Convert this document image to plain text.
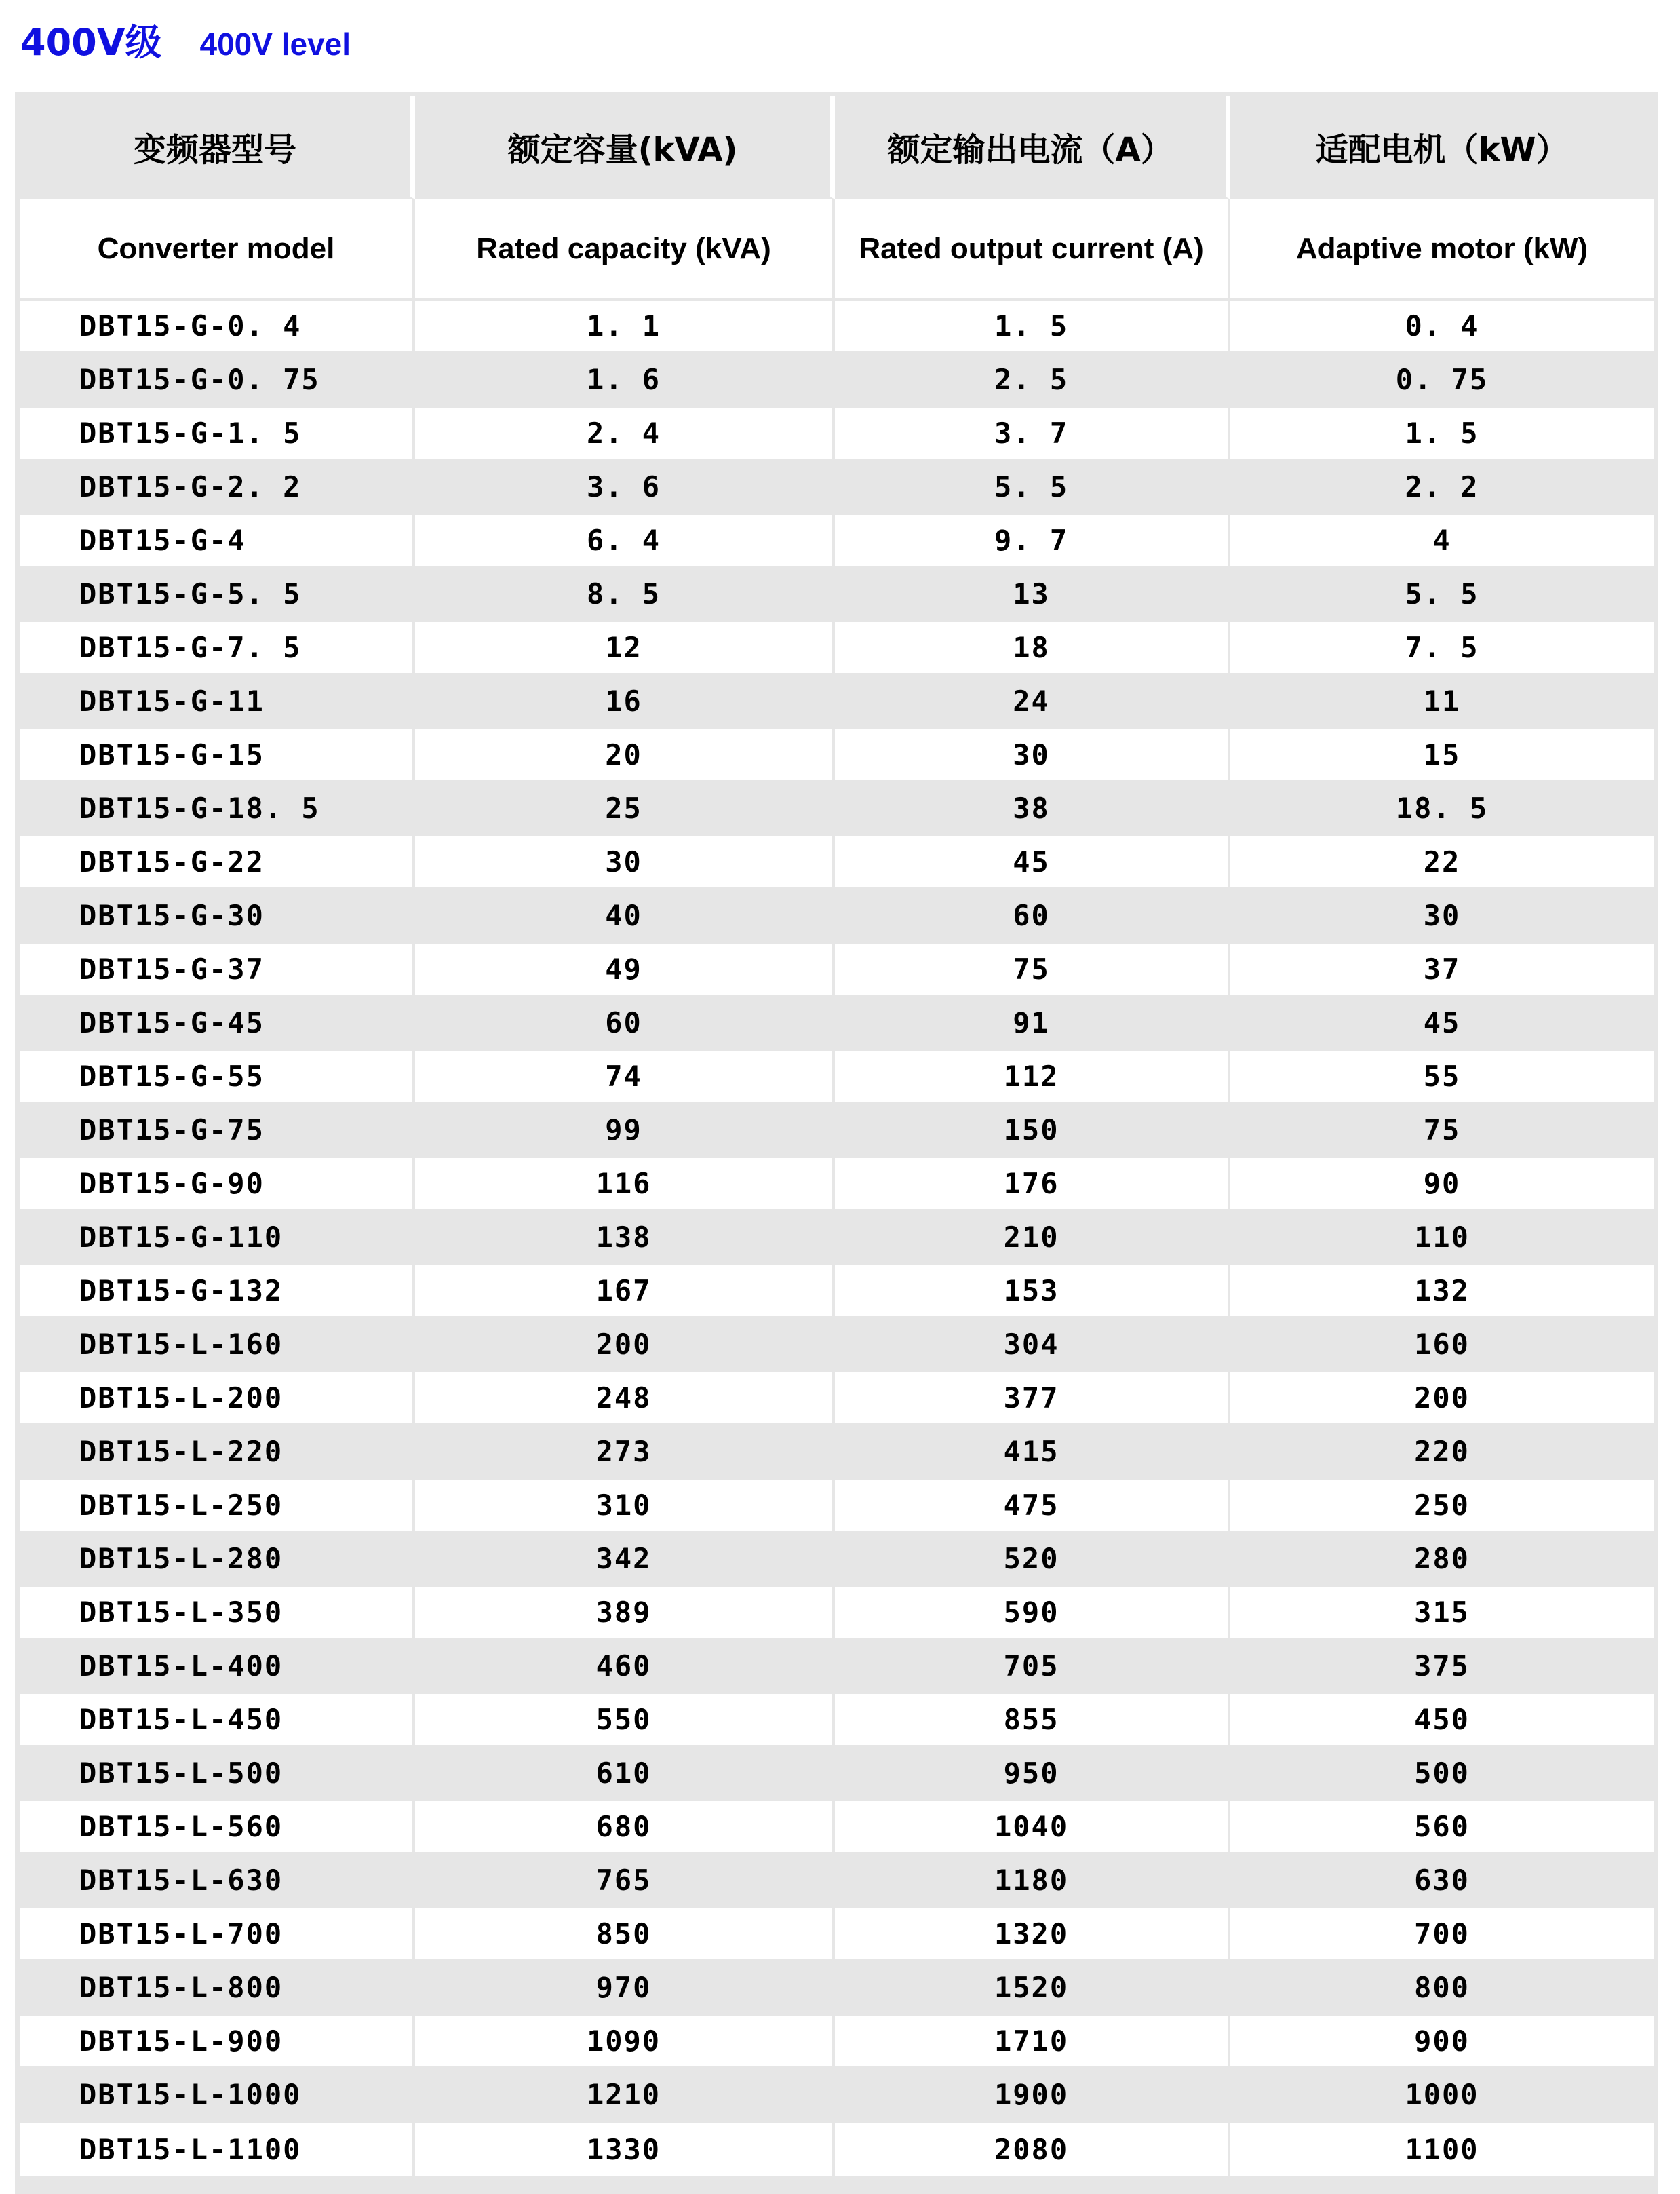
400V级 400V level
变频器型号	额定容量(kVA)	额定输出电流（A）	适配电机（kW）
Converter model	Rated capacity (kVA)	Rated output current (A)	Adaptive motor (kW)
DBT15-G-0. 4	1. 1	1. 5	0. 4
DBT15-G-0. 75	1. 6	2. 5	0. 75
DBT15-G-1. 5	2. 4	3. 7	1. 5
DBT15-G-2. 2	3. 6	5. 5	2. 2
DBT15-G-4	6. 4	9. 7	4
DBT15-G-5. 5	8. 5	13	5. 5
DBT15-G-7. 5	12	18	7. 5
DBT15-G-11	16	24	11
DBT15-G-15	20	30	15
DBT15-G-18. 5	25	38	18. 5
DBT15-G-22	30	45	22
DBT15-G-30	40	60	30
DBT15-G-37	49	75	37
DBT15-G-45	60	91	45
DBT15-G-55	74	112	55
DBT15-G-75	99	150	75
DBT15-G-90	116	176	90
DBT15-G-110	138	210	110
DBT15-G-132	167	153	132
DBT15-L-160	200	304	160
DBT15-L-200	248	377	200
DBT15-L-220	273	415	220
DBT15-L-250	310	475	250
DBT15-L-280	342	520	280
DBT15-L-350	389	590	315
DBT15-L-400	460	705	375
DBT15-L-450	550	855	450
DBT15-L-500	610	950	500
DBT15-L-560	680	1040	560
DBT15-L-630	765	1180	630
DBT15-L-700	850	1320	700
DBT15-L-800	970	1520	800
DBT15-L-900	1090	1710	900
DBT15-L-1000	1210	1900	1000
DBT15-L-1100	1330	2080	1100
